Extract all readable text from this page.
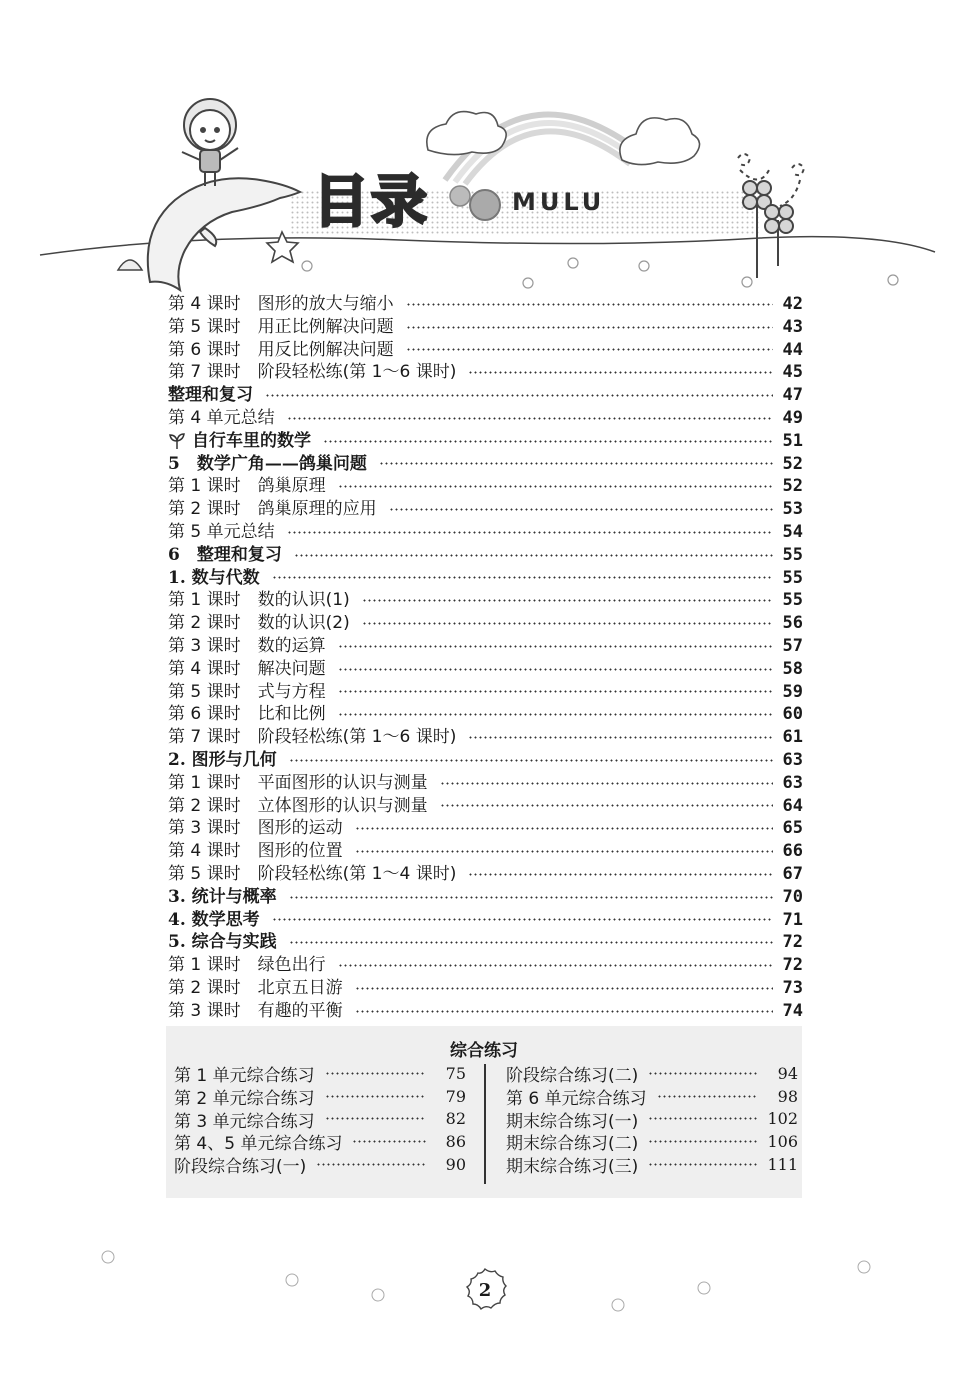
目录	MULU
第 4 课时　图形的放大与缩小	42
第 5 课时　用正比例解决问题	43
第 6 课时　用反比例解决问题	44
第 7 课时　阶段轻松练(第 1～6 课时)	45
整理和复习	47
第 4 单元总结	49
自行车里的数学	51
5　数学广角——鸽巢问题	52
第 1 课时　鸽巢原理	52
第 2 课时　鸽巢原理的应用	53
第 5 单元总结	54
6　整理和复习	55
1. 数与代数	55
第 1 课时　数的认识(1)	55
第 2 课时　数的认识(2)	56
第 3 课时　数的运算	57
第 4 课时　解决问题	58
第 5 课时　式与方程	59
第 6 课时　比和比例	60
第 7 课时　阶段轻松练(第 1～6 课时)	61
2. 图形与几何	63
第 1 课时　平面图形的认识与测量	63
第 2 课时　立体图形的认识与测量	64
第 3 课时　图形的运动	65
第 4 课时　图形的位置	66
第 5 课时　阶段轻松练(第 1～4 课时)	67
3. 统计与概率	70
4. 数学思考	71
5. 综合与实践	72
第 1 课时　绿色出行	72
第 2 课时　北京五日游	73
第 3 课时　有趣的平衡	74
综合练习
第 1 单元综合练习	75
第 2 单元综合练习	79
第 3 单元综合练习	82
第 4、5 单元综合练习	86
阶段综合练习(一)	90
阶段综合练习(二)	94
第 6 单元综合练习	98
期末综合练习(一)	102
期末综合练习(二)	106
期末综合练习(三)	111
2
